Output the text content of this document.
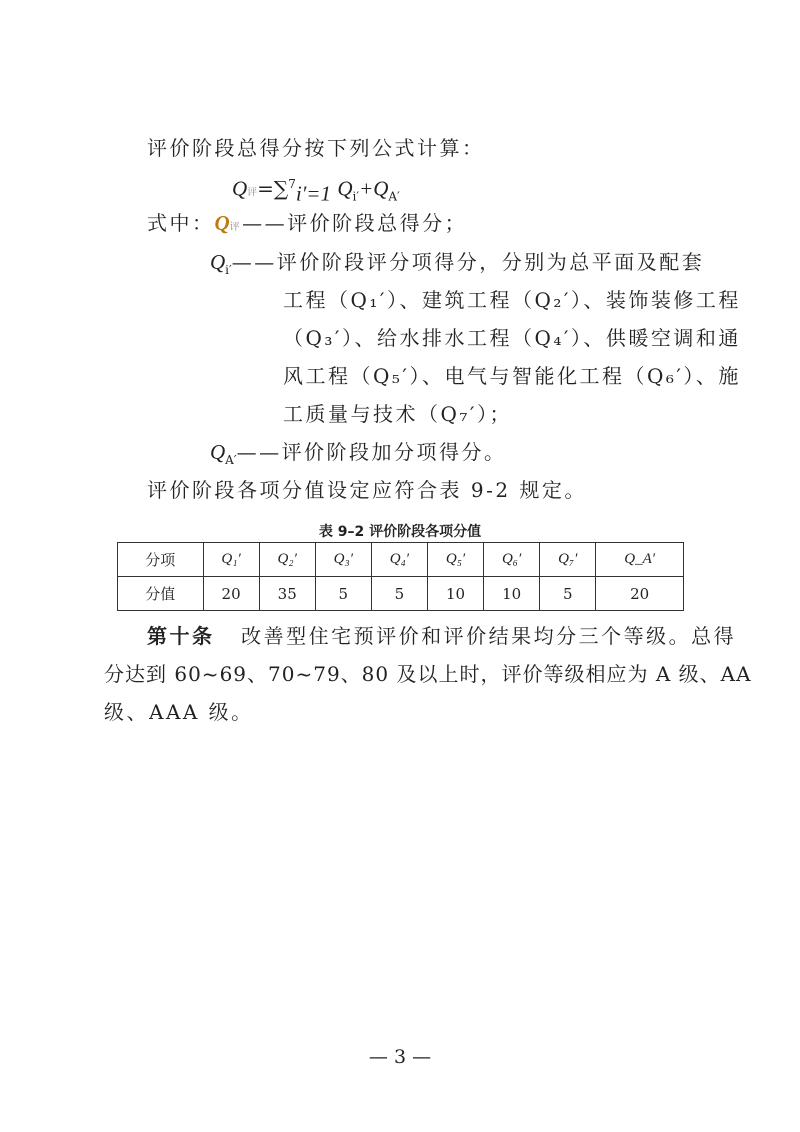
评价阶段总得分按下列公式计算：
Q评=∑$^7_{i'=1}$ $Q_{i'}+Q_{A'}$
式中：Q评——评价阶段总得分；
$Q_{i'}——$评价阶段评分项得分，分别为总平面及配套
工程（Q₁′）、建筑工程（Q₂′）、装饰装修工程
（Q₃′）、给水排水工程（Q₄′）、供暖空调和通
风工程（Q₅′）、电气与智能化工程（Q₆′）、施
工质量与技术（Q₇′）；
$Q_{A'}——$评价阶段加分项得分。
评价阶段各项分值设定应符合表 9-2 规定。
表 9–2 评价阶段各项分值
分项	Q₁′	Q₂′	Q₃′	Q₄′	Q₅′	Q₆′	Q₇′	Q_A′
分值	20	35	5	5	10	10	5	20
第十条 改善型住宅预评价和评价结果均分三个等级。总得
分达到 60~69、70~79、80 及以上时，评价等级相应为 A 级、AA
级、AAA 级。
— 3 —
